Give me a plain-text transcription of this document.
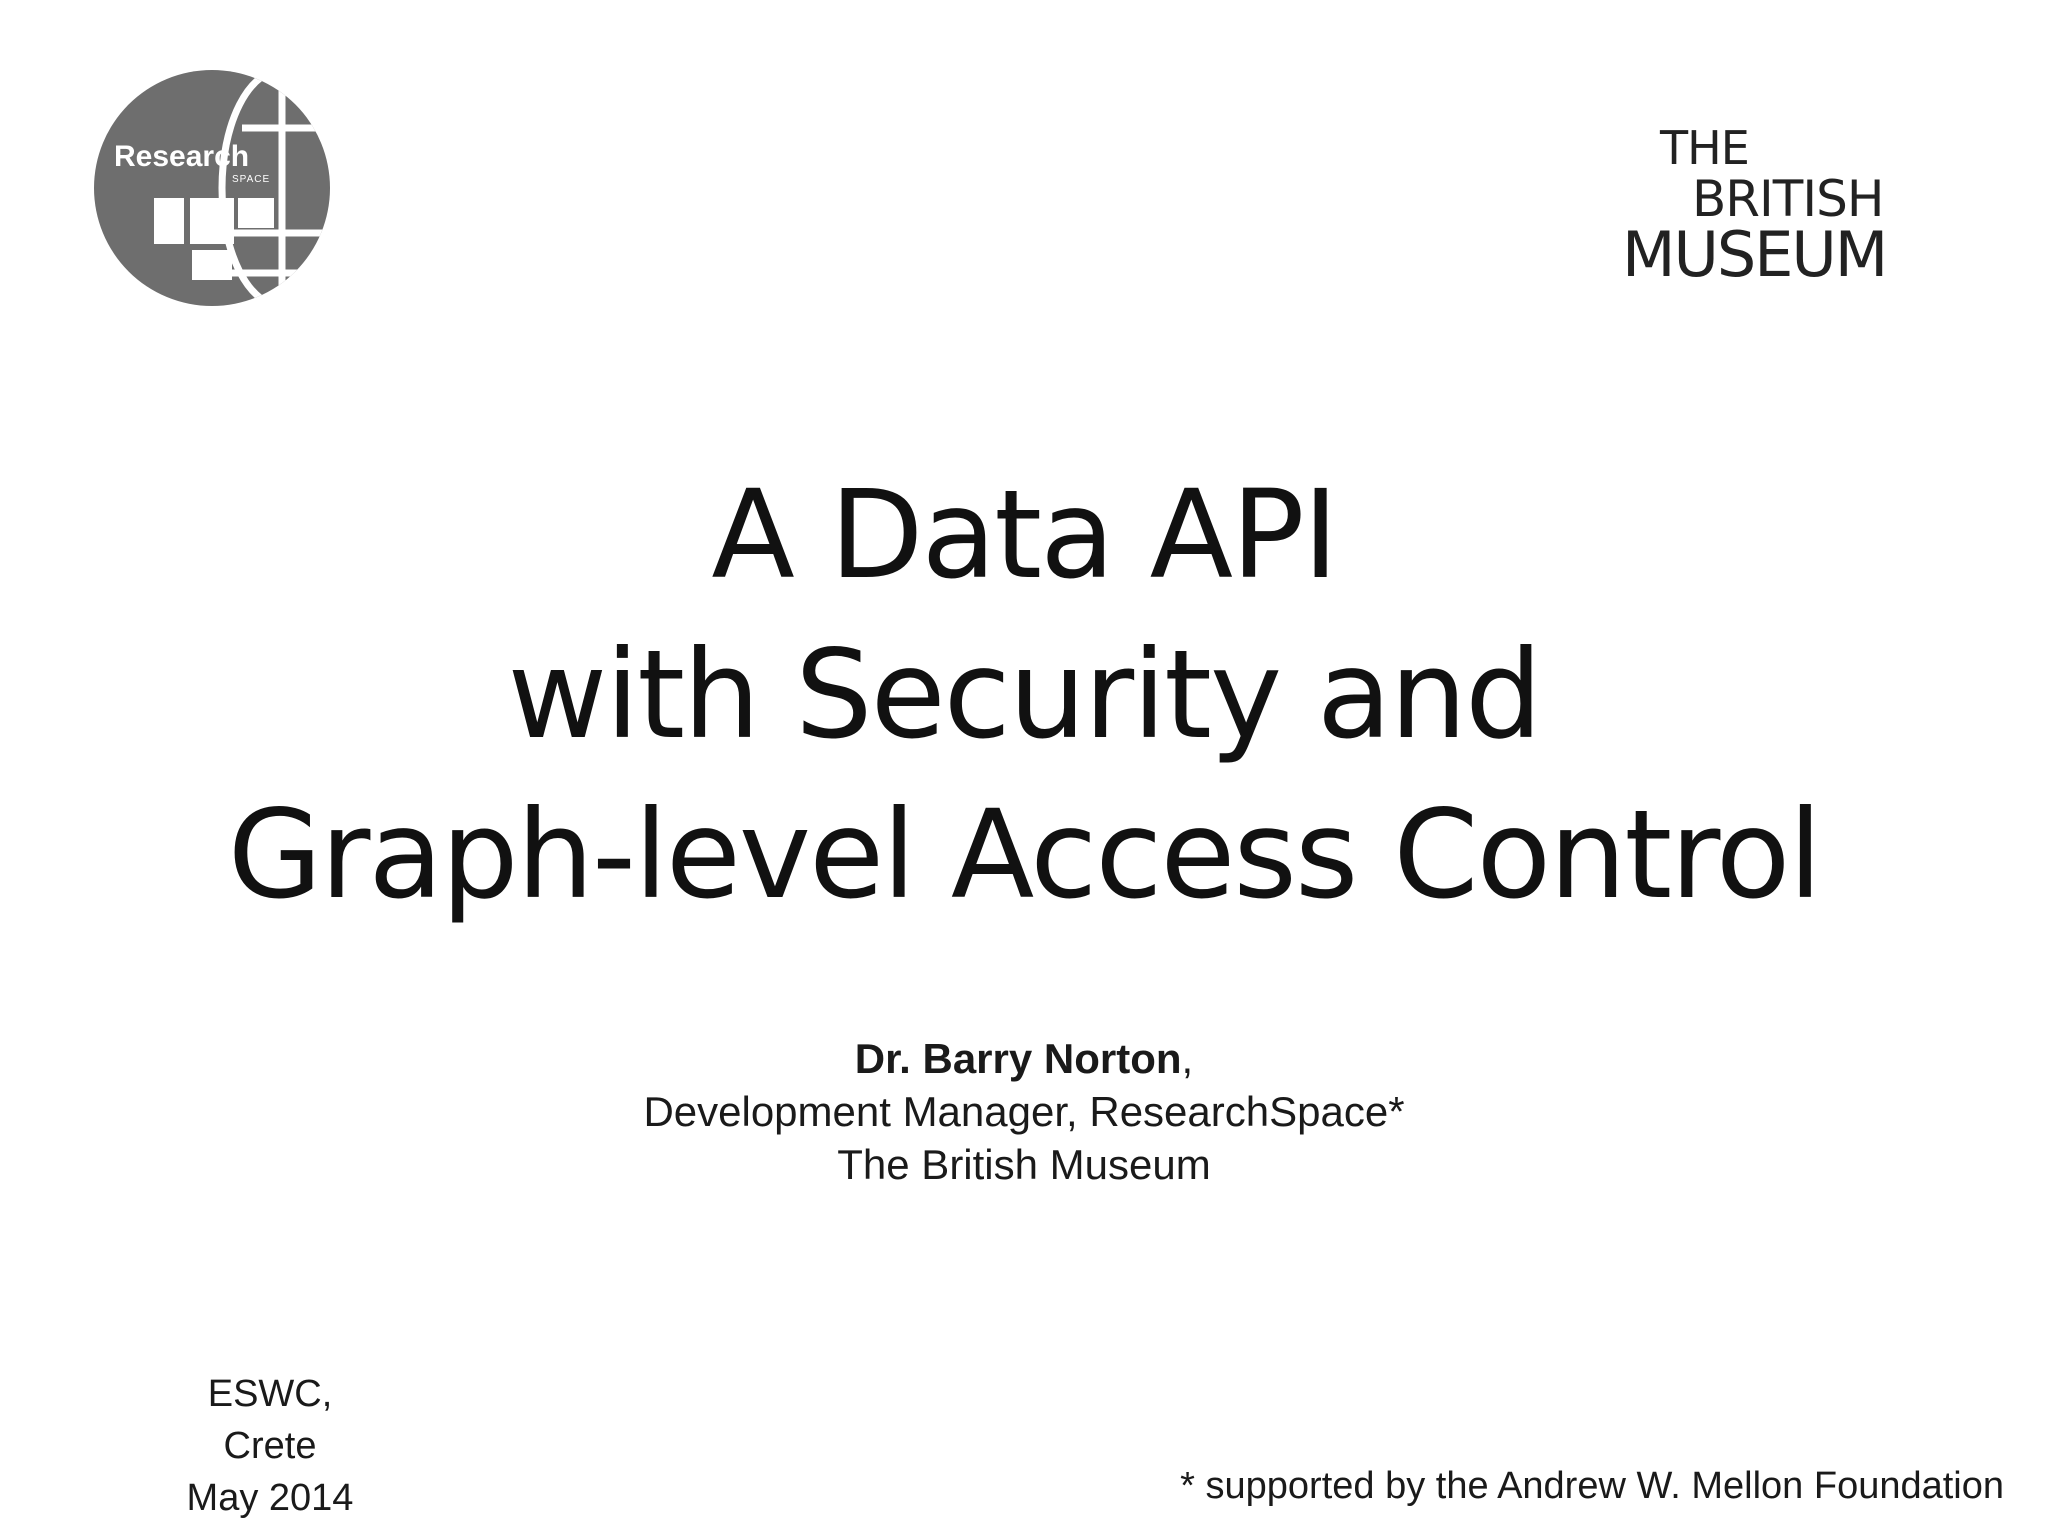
Research
SPACE
THE
BRITISH
MUSEUM
A Data API
with Security and
Graph-level Access Control
Dr. Barry Norton,
Development Manager, ResearchSpace*
The British Museum
ESWC,
Crete
May 2014	* supported by the Andrew W. Mellon Foundation
